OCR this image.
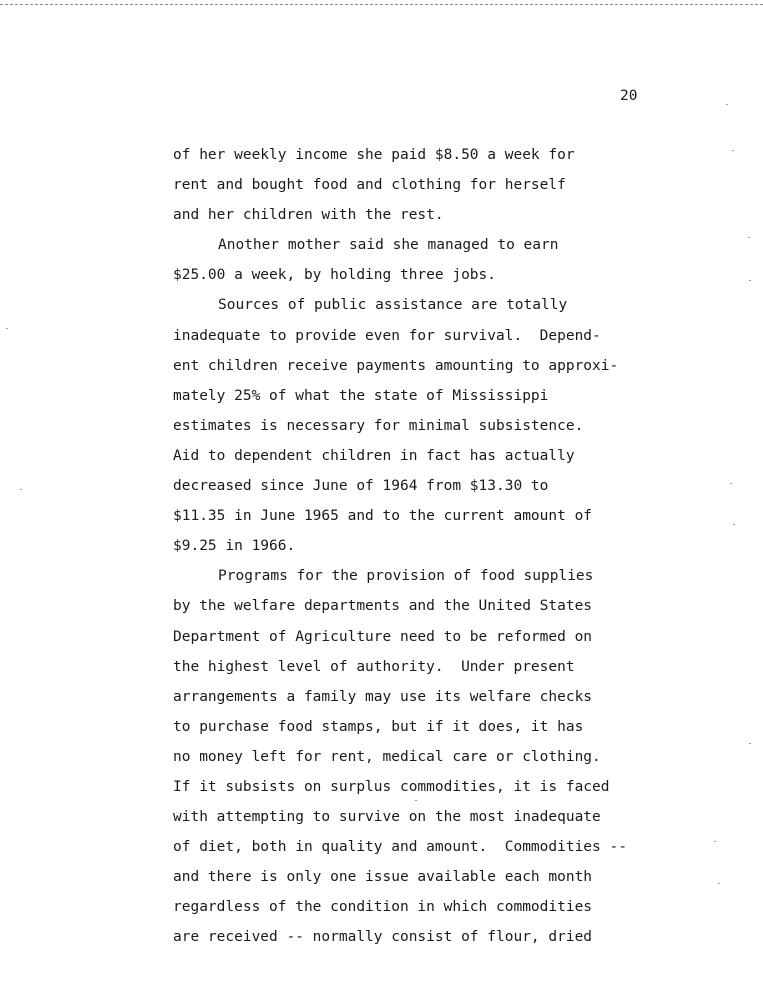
20
of her weekly income she paid $8.50 a week for
rent and bought food and clothing for herself
and her children with the rest.
Another mother said she managed to earn
$25.00 a week, by holding three jobs.
Sources of public assistance are totally
inadequate to provide even for survival.  Depend-
ent children receive payments amounting to approxi-
mately 25% of what the state of Mississippi
estimates is necessary for minimal subsistence.
Aid to dependent children in fact has actually
decreased since June of 1964 from $13.30 to
$11.35 in June 1965 and to the current amount of
$9.25 in 1966.
Programs for the provision of food supplies
by the welfare departments and the United States
Department of Agriculture need to be reformed on
the highest level of authority.  Under present
arrangements a family may use its welfare checks
to purchase food stamps, but if it does, it has
no money left for rent, medical care or clothing.
If it subsists on surplus commodities, it is faced
with attempting to survive on the most inadequate
of diet, both in quality and amount.  Commodities --
and there is only one issue available each month
regardless of the condition in which commodities
are received -- normally consist of flour, dried
